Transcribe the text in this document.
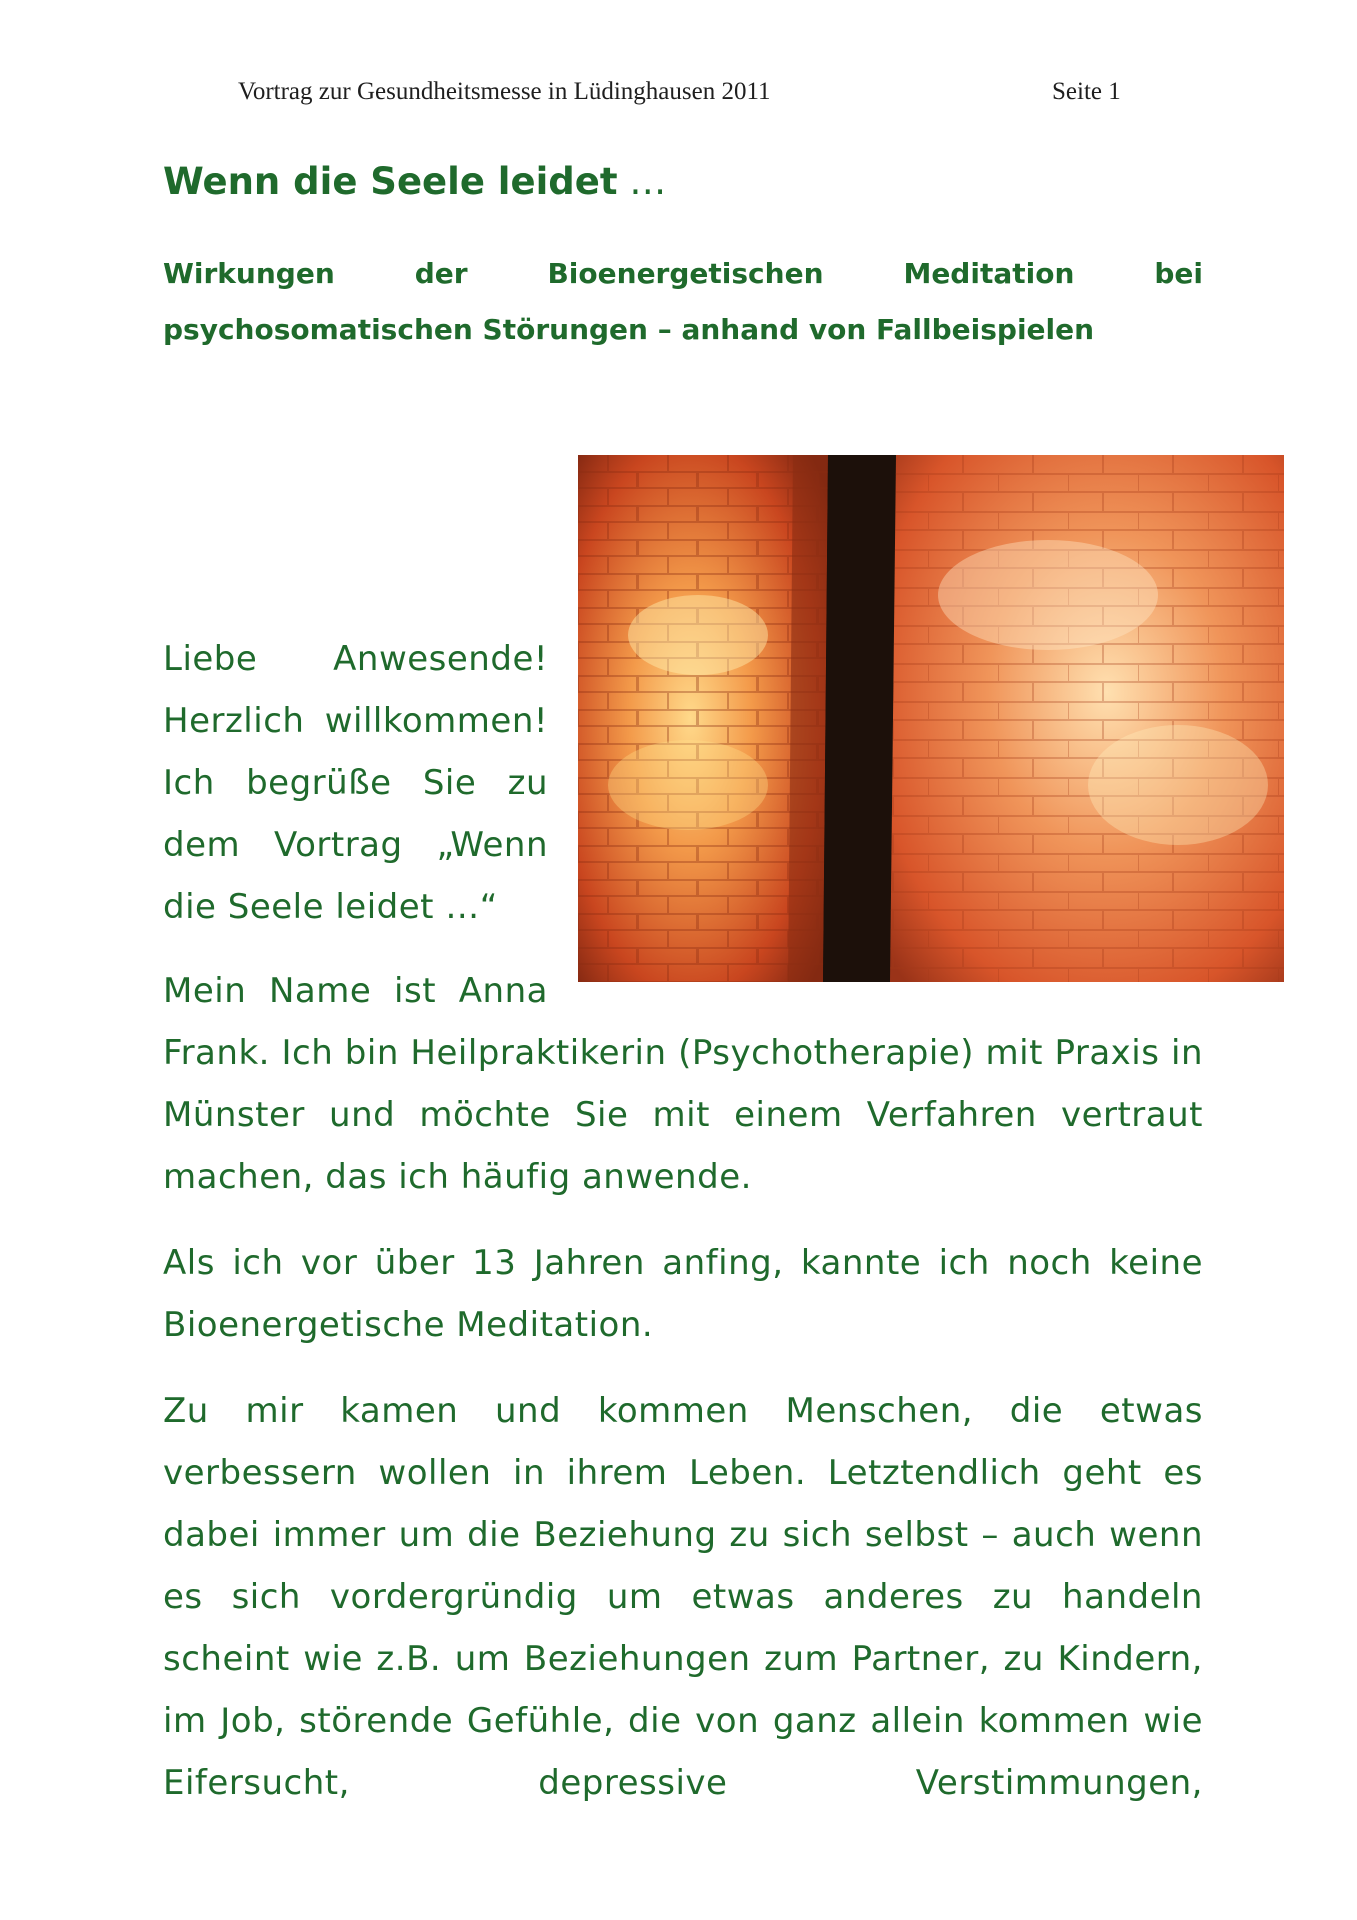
Vortrag zur Gesundheitsmesse in Lüdinghausen 2011	Seite 1
Wenn die Seele leidet …
Wirkungen	der	Bioenergetischen	Meditation	bei
psychosomatischen Störungen – anhand von Fallbeispielen

Liebe Anwesende! Herzlich willkommen! Ich begrüße Sie zu dem Vortrag „Wenn die Seele leidet …“

Mein Name ist Anna
Frank. Ich bin Heilpraktikerin (Psychotherapie) mit Praxis in Münster und möchte Sie mit einem Verfahren vertraut machen, das ich häufig anwende.

Als ich vor über 13 Jahren anfing, kannte ich noch keine Bioenergetische Meditation.

Zu mir kamen und kommen Menschen, die etwas verbessern wollen in ihrem Leben. Letztendlich geht es dabei immer um die Beziehung zu sich selbst – auch wenn es sich vordergründig um etwas anderes zu handeln scheint wie z.B. um Beziehungen zum Partner, zu Kindern, im Job, störende Gefühle, die von ganz allein kommen wie Eifersucht, depressive Verstimmungen,
